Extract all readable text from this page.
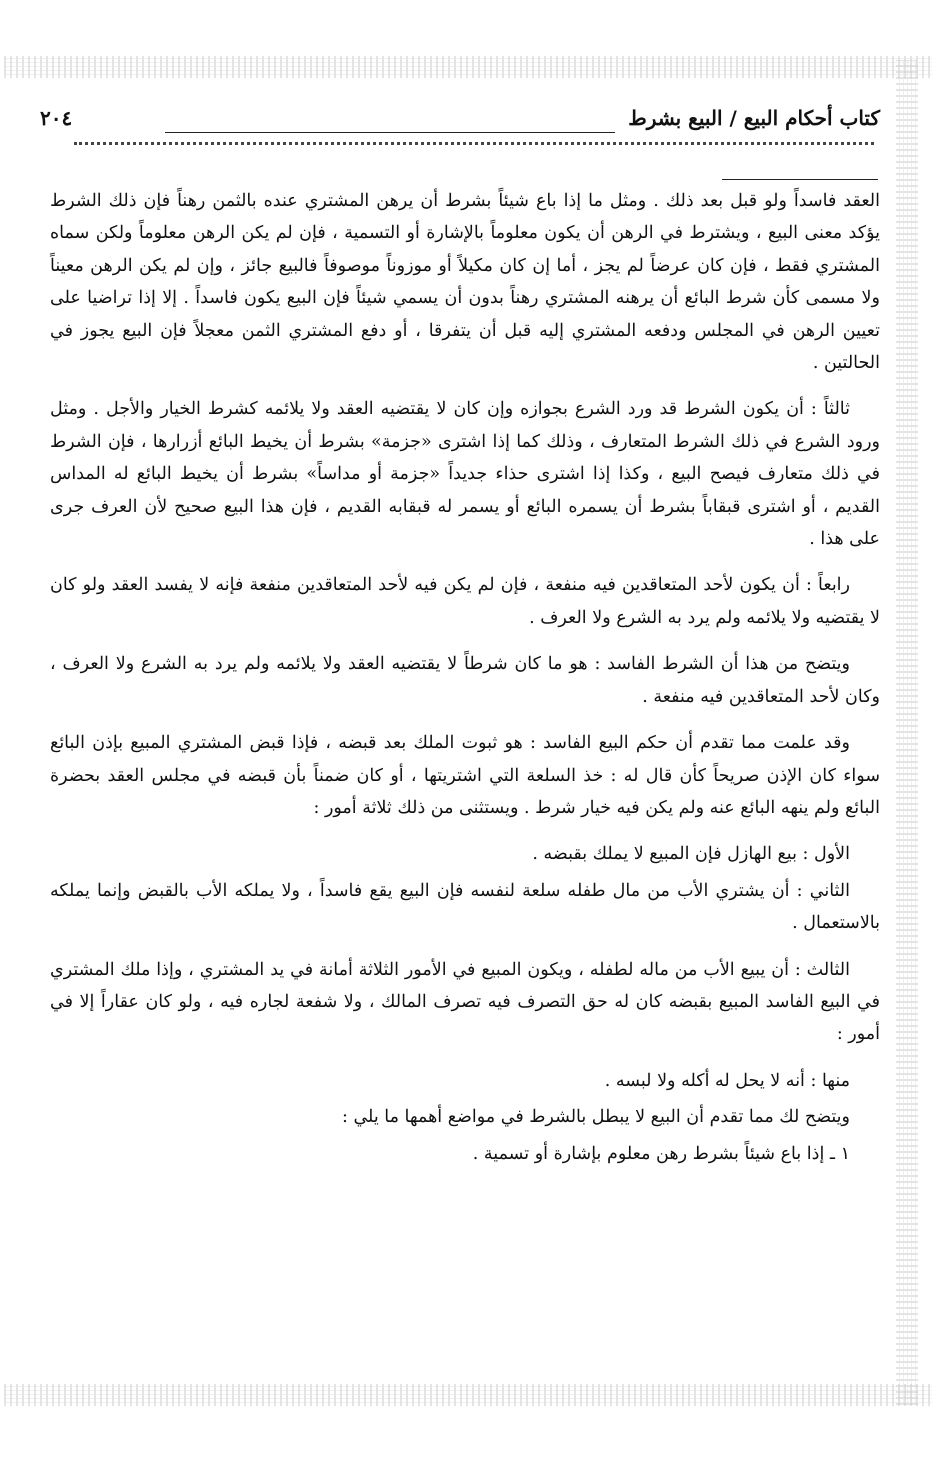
كتاب أحكام البيع / البيع بشرط
٢٠٤

العقد فاسداً ولو قبل بعد ذلك . ومثل ما إذا باع شيئاً بشرط أن يرهن المشتري عنده بالثمن رهناً فإن ذلك الشرط يؤكد معنى البيع ، ويشترط في الرهن أن يكون معلوماً بالإشارة أو التسمية ، فإن لم يكن الرهن معلوماً ولكن سماه المشتري فقط ، فإن كان عرضاً لم يجز ، أما إن كان مكيلاً أو موزوناً موصوفاً فالبيع جائز ، وإن لم يكن الرهن معيناً ولا مسمى كأن شرط البائع أن يرهنه المشتري رهناً بدون أن يسمي شيئاً فإن البيع يكون فاسداً . إلا إذا تراضيا على تعيين الرهن في المجلس ودفعه المشتري إليه قبل أن يتفرقا ، أو دفع المشتري الثمن معجلاً فإن البيع يجوز في الحالتين .

ثالثاً : أن يكون الشرط قد ورد الشرع بجوازه وإن كان لا يقتضيه العقد ولا يلائمه كشرط الخيار والأجل . ومثل ورود الشرع في ذلك الشرط المتعارف ، وذلك كما إذا اشترى «جزمة» بشرط أن يخيط البائع أزرارها ، فإن الشرط في ذلك متعارف فيصح البيع ، وكذا إذا اشترى حذاء جديداً «جزمة أو مداساً» بشرط أن يخيط البائع له المداس القديم ، أو اشترى قبقاباً بشرط أن يسمره البائع أو يسمر له قبقابه القديم ، فإن هذا البيع صحيح لأن العرف جرى على هذا .

رابعاً : أن يكون لأحد المتعاقدين فيه منفعة ، فإن لم يكن فيه لأحد المتعاقدين منفعة فإنه لا يفسد العقد ولو كان لا يقتضيه ولا يلائمه ولم يرد به الشرع ولا العرف .

ويتضح من هذا أن الشرط الفاسد : هو ما كان شرطاً لا يقتضيه العقد ولا يلائمه ولم يرد به الشرع ولا العرف ، وكان لأحد المتعاقدين فيه منفعة .

وقد علمت مما تقدم أن حكم البيع الفاسد : هو ثبوت الملك بعد قبضه ، فإذا قبض المشتري المبيع بإذن البائع سواء كان الإذن صريحاً كأن قال له : خذ السلعة التي اشتريتها ، أو كان ضمناً بأن قبضه في مجلس العقد بحضرة البائع ولم ينهه البائع عنه ولم يكن فيه خيار شرط . ويستثنى من ذلك ثلاثة أمور :

الأول : بيع الهازل فإن المبيع لا يملك بقبضه .

الثاني : أن يشتري الأب من مال طفله سلعة لنفسه فإن البيع يقع فاسداً ، ولا يملكه الأب بالقبض وإنما يملكه بالاستعمال .

الثالث : أن يبيع الأب من ماله لطفله ، ويكون المبيع في الأمور الثلاثة أمانة في يد المشتري ، وإذا ملك المشتري في البيع الفاسد المبيع بقبضه كان له حق التصرف فيه تصرف المالك ، ولا شفعة لجاره فيه ، ولو كان عقاراً إلا في أمور :

منها : أنه لا يحل له أكله ولا لبسه .

ويتضح لك مما تقدم أن البيع لا يبطل بالشرط في مواضع أهمها ما يلي :

١ ـ إذا باع شيئاً بشرط رهن معلوم بإشارة أو تسمية .
